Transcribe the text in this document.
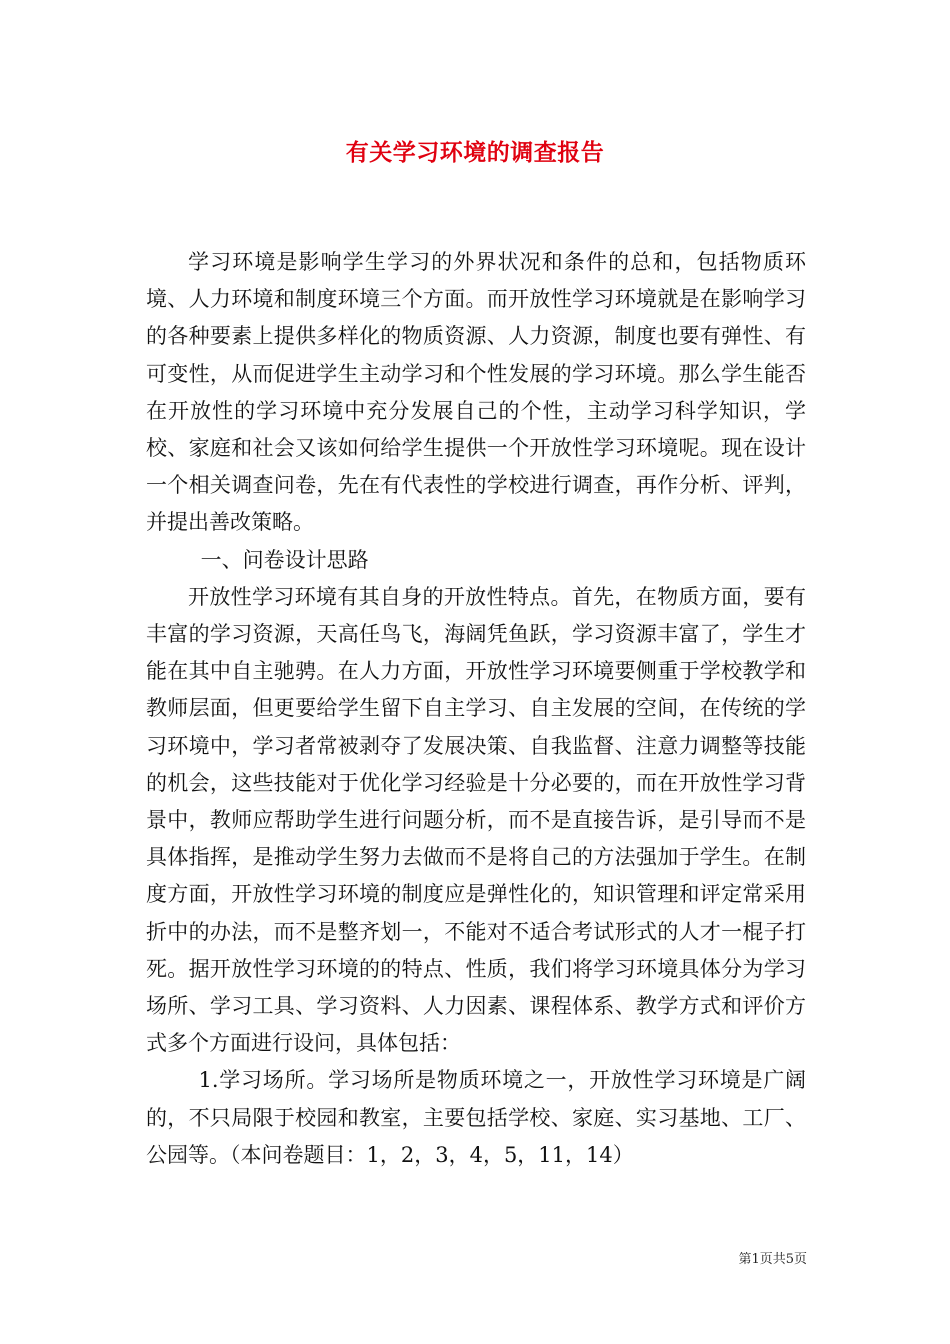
有关学习环境的调查报告

学习环境是影响学生学习的外界状况和条件的总和，包括物质环境、人力环境和制度环境三个方面。而开放性学习环境就是在影响学习的各种要素上提供多样化的物质资源、人力资源，制度也要有弹性、有可变性，从而促进学生主动学习和个性发展的学习环境。那么学生能否在开放性的学习环境中充分发展自己的个性，主动学习科学知识，学校、家庭和社会又该如何给学生提供一个开放性学习环境呢。现在设计一个相关调查问卷，先在有代表性的学校进行调查，再作分析、评判，并提出善改策略。

一、问卷设计思路

开放性学习环境有其自身的开放性特点。首先，在物质方面，要有丰富的学习资源，天高任鸟飞，海阔凭鱼跃，学习资源丰富了，学生才能在其中自主驰骋。在人力方面，开放性学习环境要侧重于学校教学和教师层面，但更要给学生留下自主学习、自主发展的空间，在传统的学习环境中，学习者常被剥夺了发展决策、自我监督、注意力调整等技能的机会，这些技能对于优化学习经验是十分必要的，而在开放性学习背景中，教师应帮助学生进行问题分析，而不是直接告诉，是引导而不是具体指挥，是推动学生努力去做而不是将自己的方法强加于学生。在制度方面，开放性学习环境的制度应是弹性化的，知识管理和评定常采用折中的办法，而不是整齐划一，不能对不适合考试形式的人才一棍子打死。据开放性学习环境的的特点、性质，我们将学习环境具体分为学习场所、学习工具、学习资料、人力因素、课程体系、教学方式和评价方式多个方面进行设问，具体包括：

1.学习场所。学习场所是物质环境之一，开放性学习环境是广阔的，不只局限于校园和教室，主要包括学校、家庭、实习基地、工厂、公园等。（本问卷题目：1，2，3，4，5，11，14）

第1页共5页
